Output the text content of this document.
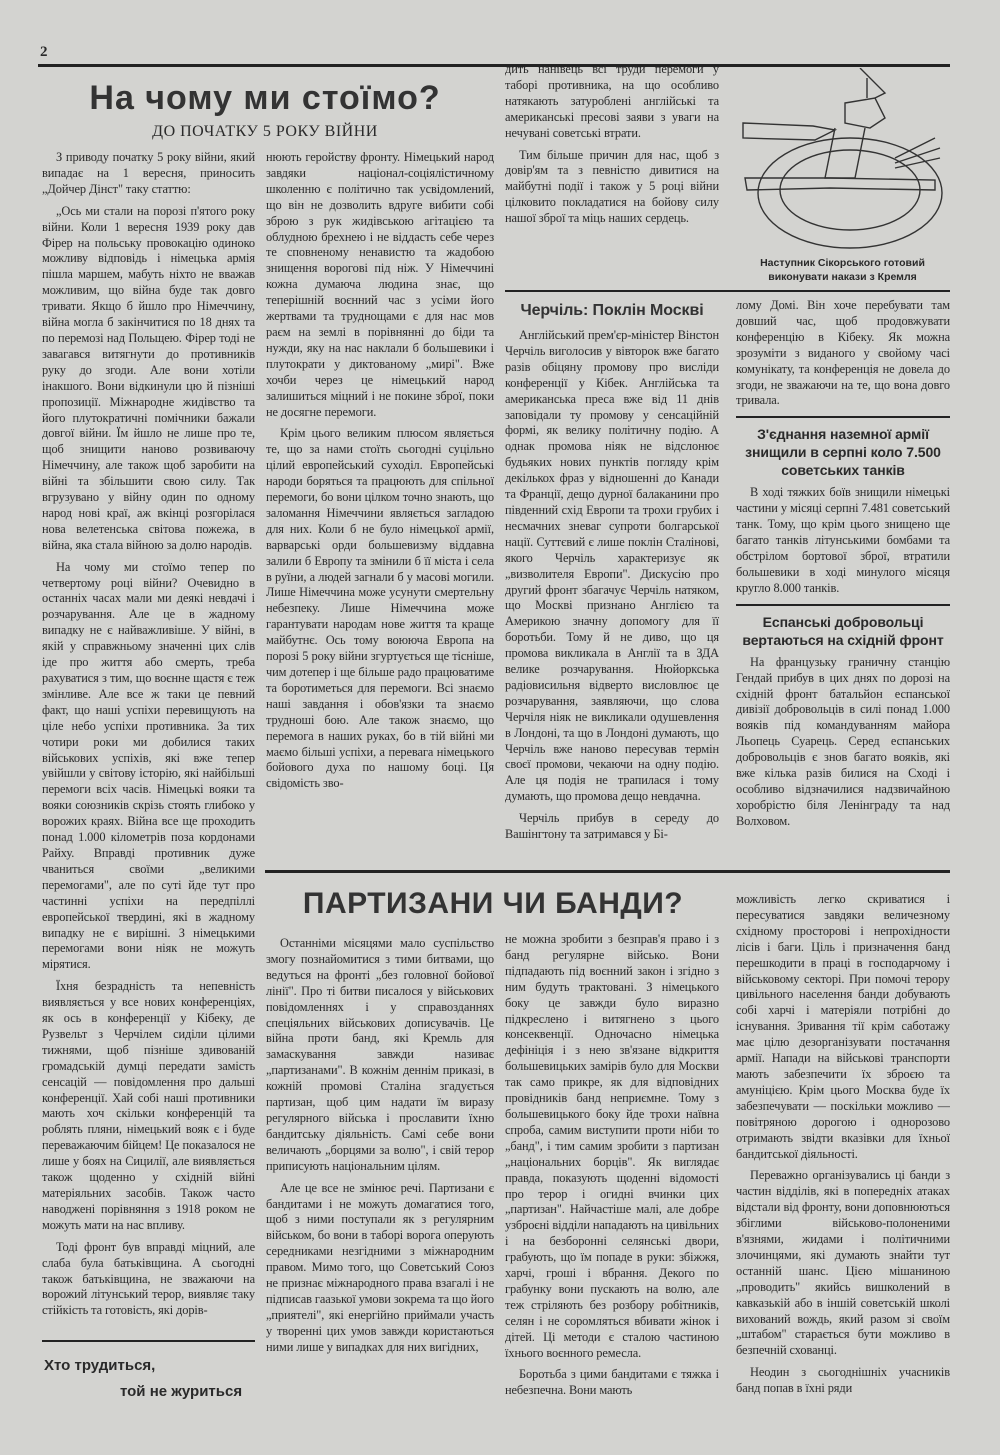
2
На чому ми стоїмо?
ДО ПОЧАТКУ 5 РОКУ ВІЙНИ

З приводу початку 5 року війни, який випадає на 1 вересня, приносить „Дойчер Дінст" таку статтю:

„Ось ми стали на порозі п'ятого року війни. Коли 1 вересня 1939 року дав Фірер на польську провокацію одиноко можливу відповідь і німецька армія пішла маршем, мабуть ніхто не вважав можливим, що війна буде так довго тривати. Якщо б йшло про Німеччину, війна могла б закінчитися по 18 днях та по перемозі над Польщею. Фірер тоді не завагався витягнути до противників руку до згоди. Але вони хотіли інакшого. Вони відкинули цю й пізніші пропозиції. Міжнародне жидівство та його плутократичні помічники бажали довгої війни. Їм йшло не лише про те, щоб знищити наново розвиваючу Німеччину, але також щоб заробити на війні та збільшити свою силу. Так вгрузувано у війну один по одному народ нові краї, аж вкінці розгорілася нова велетенська світова пожежа, в війна, яка стала війною за долю народів.

На чому ми стоїмо тепер по четвертому році війни? Очевидно в останніх часах мали ми деякі невдачі і розчарування. Але це в жадному випадку не є найважливіше. У війні, в якій у справжньому значенні цих слів іде про життя або смерть, треба рахуватися з тим, що воєнне щастя є теж змінливе. Але все ж таки це певний факт, що наші успіхи перевищують на ціле небо успіхи противника. За тих чотири роки ми добилися таких військових успіхів, які вже тепер увійшли у світову історію, які найбільші перемоги всіх часів. Німецькі вояки та вояки союзників скрізь стоять глибоко у ворожих краях. Війна все ще проходить понад 1.000 кілометрів поза кордонами Райху. Вправді противник дуже чваниться своїми „великими перемогами", але по суті йде тут про частинні успіхи на передпіллі европейської твердині, які в жадному випадку не є вирішні. З німецькими перемогами вони ніяк не можуть мірятися.

Їхня безрадність та непевність виявляється у все нових конференціях, як ось в конференції у Кібеку, де Рузвельт з Черчілем сиділи цілими тижнями, щоб пізніше здивованій громадській думці передати замість сенсацій — повідомлення про дальші конференції. Хай собі наші противники мають хоч скільки конференцій та роблять пляни, німецький вояк є і буде переважаючим бійцем! Це показалося не лише у боях на Сицилії, але виявляється також щоденно у східній війні матеріяльних засобів. Також часто наводжені порівняння з 1918 роком не можуть мати на нас впливу.

Тоді фронт був вправді міцний, але слаба була батьківщина. А сьогодні також батьківщина, не зважаючи на ворожий літунський терор, виявляє таку стійкість та готовість, які дорів-

нюють геройству фронту. Німецький народ завдяки націонал-соціялістичному школенню є політично так усвідомлений, що він не дозволить вдруге вибити собі зброю з рук жидівською агітацією та облудною брехнею і не віддасть себе через те сповненому ненавистю та жадобою знищення ворогові під ніж. У Німеччині кожна думаюча людина знає, що теперішній воєнний час з усіми його жертвами та труднощами є для нас мов раєм на землі в порівнянні до біди та нужди, яку на нас наклали б большевики і плутократи у диктованому „мирі". Вже хочби через це німецький народ залишиться міцний і не покине зброї, поки не досягне перемоги.

Крім цього великим плюсом являється те, що за нами стоїть сьогодні суцільно цілий европейський суходіл. Европейські народи боряться та працюють для спільної перемоги, бо вони цілком точно знають, що заломання Німеччини являється загладою для них. Коли б не було німецької армії, варварські орди большевизму віддавна залили б Европу та змінили б її міста і села в руїни, а людей загнали б у масові могили. Лише Німеччина може усунути смертельну небезпеку. Лише Німеччина може гарантувати народам нове життя та краще майбутнє. Ось тому воююча Европа на порозі 5 року війни згуртується ще тісніше, чим дотепер і ще більше радо працюватиме та боротиметься для перемоги. Всі знаємо наші завдання і обов'язки та знаємо трудноші бою. Але також знаємо, що перемога в наших руках, бо в тій війні ми маємо більші успіхи, а перевага німецького бойового духа по нашому боці. Ця свідомість зво-

дить нанівець всі труди перемоги у таборі противника, на що особливо натякають затуроблені англійські та американські пресові заяви з уваги на нечувані советські втрати.

Тим більше причин для нас, щоб з довір'ям та з певністю дивитися на майбутні події і також у 5 році війни цілковито покладатися на бойову силу нашої зброї та міць наших сердець.

Наступник Сікорського готовий
виконувати накази з Кремля
Черчіль: Поклін Москві

Англійський прем'єр-міністер Вінстон Черчіль виголосив у вівторок вже багато разів обіцяну промову про висліди конференції у Кібек. Англійська та американська преса вже від 11 днів заповідали ту промову у сенсаційній формі, як велику політичну подію. А однак промова ніяк не відслонює будьяких нових пунктів погляду крім декількох фраз у відношенні до Канади та Франції, дещо дурної балаканини про південний схід Европи та трохи грубих і несмачних зневаг супроти болгарської нації. Суттєвий є лише поклін Сталінові, якого Черчіль характеризує як „визволителя Европи". Дискусію про другий фронт збагачує Черчіль натяком, що Москві признано Англією та Америкою значну допомогу для її боротьби. Тому й не диво, що ця промова викликала в Англії та в ЗДА велике розчарування. Нюйоркська радіовисильня відверто висловлює це розчарування, заявляючи, що слова Черчіля ніяк не викликали одушевлення в Лондоні, та що в Лондоні думають, що Черчіль вже наново пересував термін своєї промови, чекаючи на одну подію. Але ця подія не трапилася і тому думають, що промова дещо невдачна.

Черчіль прибув в середу до Вашінгтону та затримався у Бі-

лому Домі. Він хоче перебувати там довший час, щоб продовжувати конференцію в Кібеку. Як можна зрозуміти з виданого у свойому часі комунікату, та конференція не довела до згоди, не зважаючи на те, що вона довго тривала.

З'єднання наземної армії знищили в серпні коло 7.500 советських танків

В ході тяжких боїв знищили німецькі частини у місяці серпні 7.481 советський танк. Тому, що крім цього знищено ще багато танків літунськими бомбами та обстрілом бортової зброї, втратили большевики в ході минулого місяця кругло 8.000 танків.

Еспанські добровольці вертаються на східній фронт

На французьку граничну станцію Гендай прибув в цих днях по дорозі на східній фронт батальйон еспанської дивізії добровольців в силі понад 1.000 вояків під командуванням майора Льопець Суарець. Серед еспанських добровольців є знов багато вояків, які вже кілька разів билися на Сході і особливо відзначилися надзвичайною хоробрістю біля Ленінграду та над Волховом.

ПАРТИЗАНИ ЧИ БАНДИ?

Останніми місяцями мало суспільство змогу познайомитися з тими битвами, що ведуться на фронті „без головної бойової лінії". Про ті битви писалося у військових повідомленнях і у справозданнях спеціяльних військових дописувачів. Це війна проти банд, які Кремль для замаскування завжди називає „партизанами". В кожнім деннім приказі, в кожній промові Сталіна згадується партизан, щоб цим надати їм виразу регулярного війська і прославити їхню бандитську діяльність. Самі себе вони величають „борцями за волю", і свій терор приписують національним цілям.

Але це все не змінює речі. Партизани є бандитами і не можуть домагатися того, щоб з ними поступали як з регулярним військом, бо вони в таборі ворога оперують середниками незгідними з міжнародним правом. Мимо того, що Советський Союз не признає міжнародного права взагалі і не підписав гаазької умови зокрема та що його „приятелі", які енергійно приймали участь у творенні цих умов завжди користаються ними лише у випадках для них вигідних,

не можна зробити з безправ'я право і з банд регулярне військо. Вони підпадають під воєнний закон і згідно з ним будуть трактовані. З німецького боку це завжди було виразно підкреслено і витягнено з цього консеквенції. Одночасно німецька дефініція і з нею зв'язане відкриття большевицьких замірів було для Москви так само прикре, як для відповідних провідників банд неприємне. Тому з большевицького боку йде трохи наївна спроба, самим виступити проти ніби то „банд", і тим самим зробити з партизан „національних борців". Як виглядає правда, показують щоденні відомості про терор і огидні вчинки цих „партизан". Найчастіше малі, але добре узброєні відділи нападають на цивільних і на безборонні селянські двори, грабують, що їм попаде в руки: збіжжя, харчі, гроші і вбрання. Декого по грабунку вони пускають на волю, але теж стріляють без розбору робітників, селян і не соромляться вбивати жінок і дітей. Ці методи є сталою частиною їхнього воєнного ремесла.

Боротьба з цими бандитами є тяжка і небезпечна. Вони мають

можливість легко скриватися і пересуватися завдяки величезному східному просторові і непрохідности лісів і баги. Ціль і призначення банд перешкодити в праці в господарчому і військовому секторі. При помочі терору цивільного населення банди добувають собі харчі і матеріяли потрібні до існування. Зривання тії крім саботажу має цілю дезорганізувати постачання армії. Напади на військові транспорти мають забезпечити їх зброєю та амуніцією. Крім цього Москва буде їх забезпечувати — поскільки можливо — повітряною дорогою і однорозово отримають звідти вказівки для їхньої бандитської діяльності.

Переважно організувались ці банди з частин відділів, які в попередніх атаках відстали від фронту, вони доповнюються збіглими військово-полоненими в'язнями, жидами і політичними злочинцями, які думають знайти тут останній шанс. Цією мішаниною „проводить" якийсь вишколений в кавказькій або в іншій советській школі вихований вождь, який разом зі своїм „штабом" старається бути можливо в безпечній схованці.

Неодин з сьогоднішніх учасників банд попав в їхні ряди

Хто трудиться,
той не журиться
